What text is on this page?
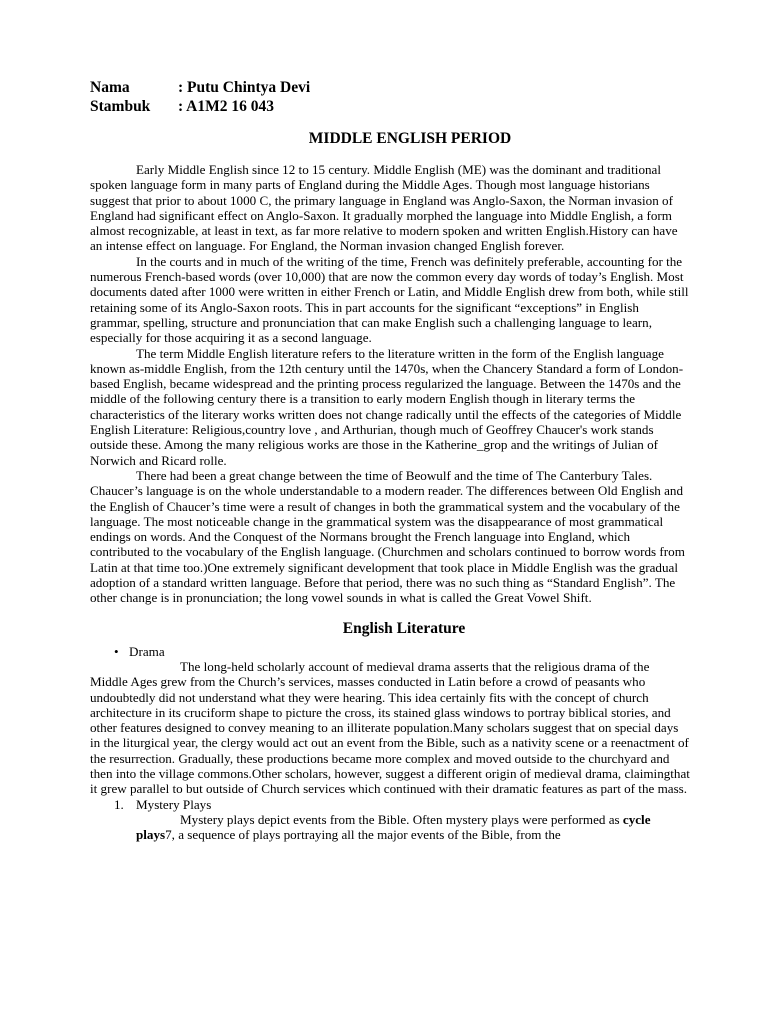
Nama	: Putu Chintya Devi
Stambuk	: A1M2 16 043
MIDDLE ENGLISH PERIOD

Early Middle English since 12 to 15 century. Middle English (ME) was the dominant and traditional spoken language form in many parts of England during the Middle Ages. Though most language historians suggest that prior to about 1000 C, the primary language in England was Anglo-Saxon, the Norman invasion of England had significant effect on Anglo-Saxon. It gradually morphed the language into Middle English, a form almost recognizable, at least in text, as far more relative to modern spoken and written English.History can have an intense effect on language. For England, the Norman invasion changed English forever.

In the courts and in much of the writing of the time, French was definitely preferable, accounting for the numerous French-based words (over 10,000) that are now the common every day words of today’s English. Most documents dated after 1000 were written in either French or Latin, and Middle English drew from both, while still retaining some of its Anglo-Saxon roots. This in part accounts for the significant “exceptions” in English grammar, spelling, structure and pronunciation that can make English such a challenging language to learn, especially for those acquiring it as a second language.

The term Middle English literature refers to the literature written in the form of the English language known as-middle English, from the 12th century until the 1470s, when the Chancery Standard a form of London-based English, became widespread and the printing process regularized the language. Between the 1470s and the middle of the following century there is a transition to early modern English though in literary terms the characteristics of the literary works written does not change radically until the effects of the categories of Middle English Literature: Religious,country love , and Arthurian, though much of Geoffrey Chaucer's work stands outside these. Among the many religious works are those in the Katherine_grop and the writings of Julian of Norwich and Ricard rolle.

There had been a great change between the time of Beowulf and the time of The Canterbury Tales. Chaucer’s language is on the whole understandable to a modern reader. The differences between Old English and the English of Chaucer’s time were a result of changes in both the grammatical system and the vocabulary of the language. The most noticeable change in the grammatical system was the disappearance of most grammatical endings on words. And the Conquest of the Normans brought the French language into England, which contributed to the vocabulary of the English language. (Churchmen and scholars continued to borrow words from Latin at that time too.)One extremely significant development that took place in Middle English was the gradual adoption of a standard written language. Before that period, there was no such thing as “Standard English”. The other change is in pronunciation; the long vowel sounds in what is called the Great Vowel Shift.

English Literature
• Drama

The long-held scholarly account of medieval drama asserts that the religious drama of the Middle Ages grew from the Church’s services, masses conducted in Latin before a crowd of peasants who undoubtedly did not understand what they were hearing. This idea certainly fits with the concept of church architecture in its cruciform shape to picture the cross, its stained glass windows to portray biblical stories, and other features designed to convey meaning to an illiterate population.Many scholars suggest that on special days in the liturgical year, the clergy would act out an event from the Bible, such as a nativity scene or a reenactment of the resurrection. Gradually, these productions became more complex and moved outside to the churchyard and then into the village commons.Other scholars, however, suggest a different origin of medieval drama, claimingthat it grew parallel to but outside of Church services which continued with their dramatic features as part of the mass.

1. Mystery Plays
Mystery plays depict events from the Bible. Often mystery plays were performed as cycle plays7, a sequence of plays portraying all the major events of the Bible, from the
